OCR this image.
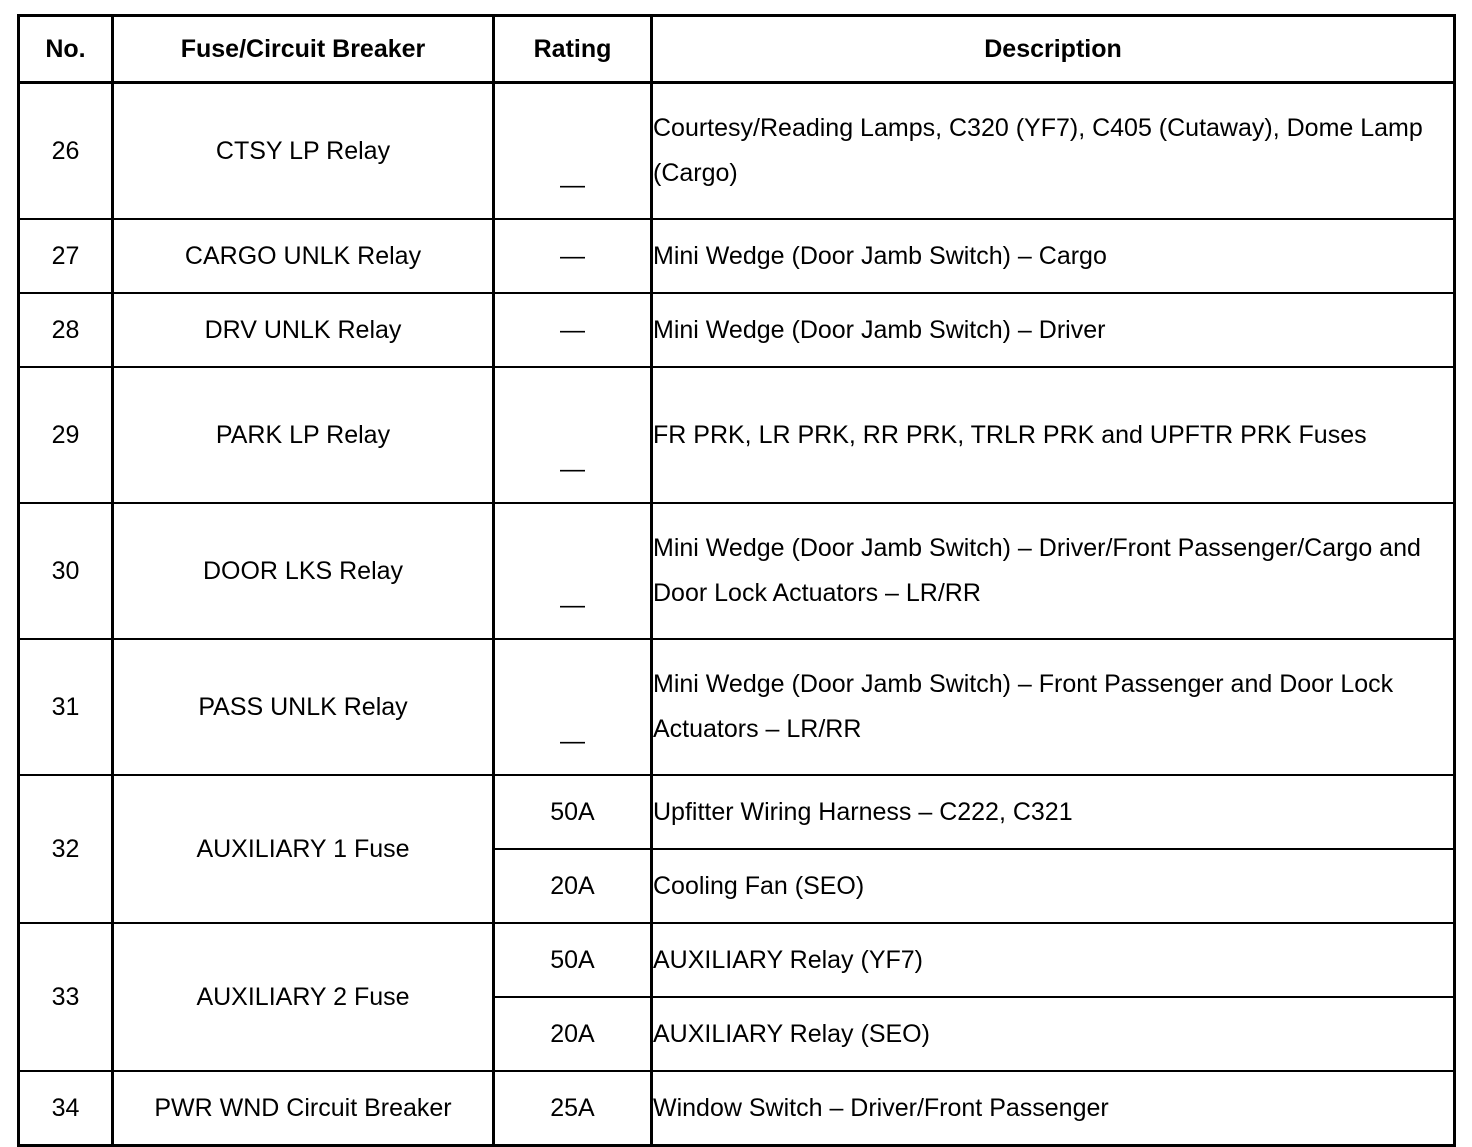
No.	Fuse/Circuit Breaker	Rating	Description
26	CTSY LP Relay	—	Courtesy/Reading Lamps, C320 (YF7), C405 (Cutaway), Dome Lamp (Cargo)
27	CARGO UNLK Relay	—	Mini Wedge (Door Jamb Switch) – Cargo
28	DRV UNLK Relay	—	Mini Wedge (Door Jamb Switch) – Driver
29	PARK LP Relay	—	FR PRK, LR PRK, RR PRK, TRLR PRK and UPFTR PRK Fuses
30	DOOR LKS Relay	—	Mini Wedge (Door Jamb Switch) – Driver/Front Passenger/Cargo and Door Lock Actuators – LR/RR
31	PASS UNLK Relay	—	Mini Wedge (Door Jamb Switch) – Front Passenger and Door Lock Actuators – LR/RR
32	AUXILIARY 1 Fuse	50A	Upfitter Wiring Harness – C222, C321
		20A	Cooling Fan (SEO)
33	AUXILIARY 2 Fuse	50A	AUXILIARY Relay (YF7)
		20A	AUXILIARY Relay (SEO)
34	PWR WND Circuit Breaker	25A	Window Switch – Driver/Front Passenger
